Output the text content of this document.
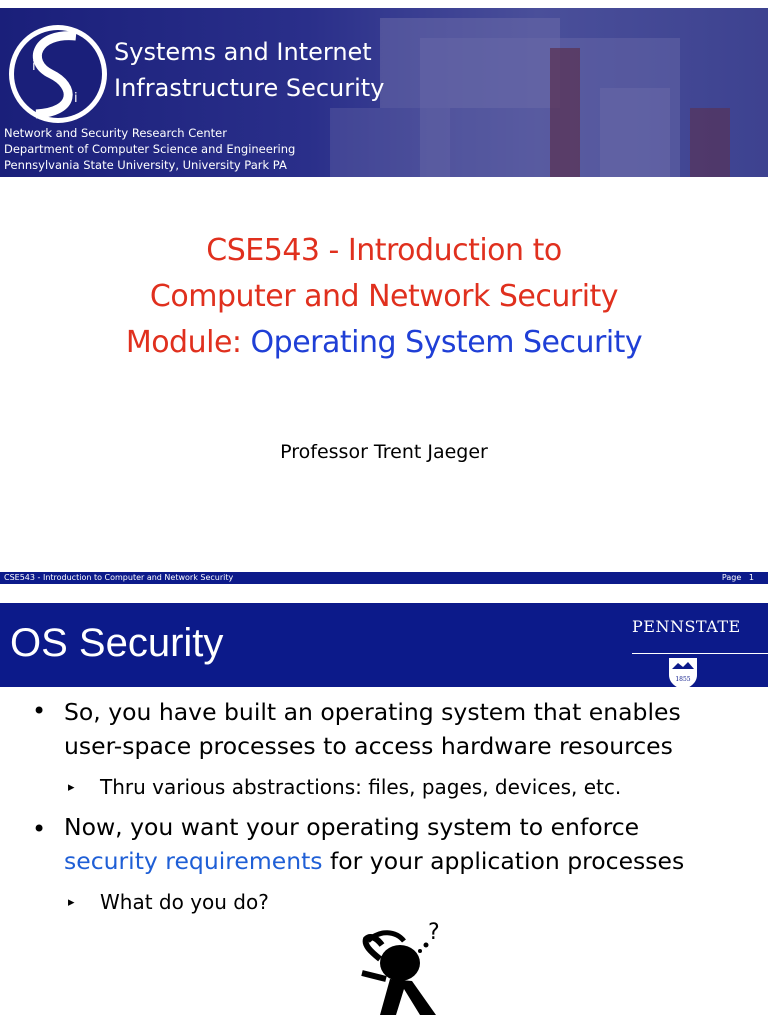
i
i
Systems and Internet
Infrastructure Security
Network and Security Research Center
Department of Computer Science and Engineering
Pennsylvania State University, University Park PA
CSE543 - Introduction to
Computer and Network Security
Module: Operating System Security
Professor Trent Jaeger
CSE543 - Introduction to Computer and Network Security	Page 1
OS Security	PENNSTATE
1855
• So, you have built an operating system that enables
user-space processes to access hardware resources
▸ Thru various abstractions: files, pages, devices, etc.
• Now, you want your operating system to enforce
security requirements for your application processes
▸ What do you do?
?
